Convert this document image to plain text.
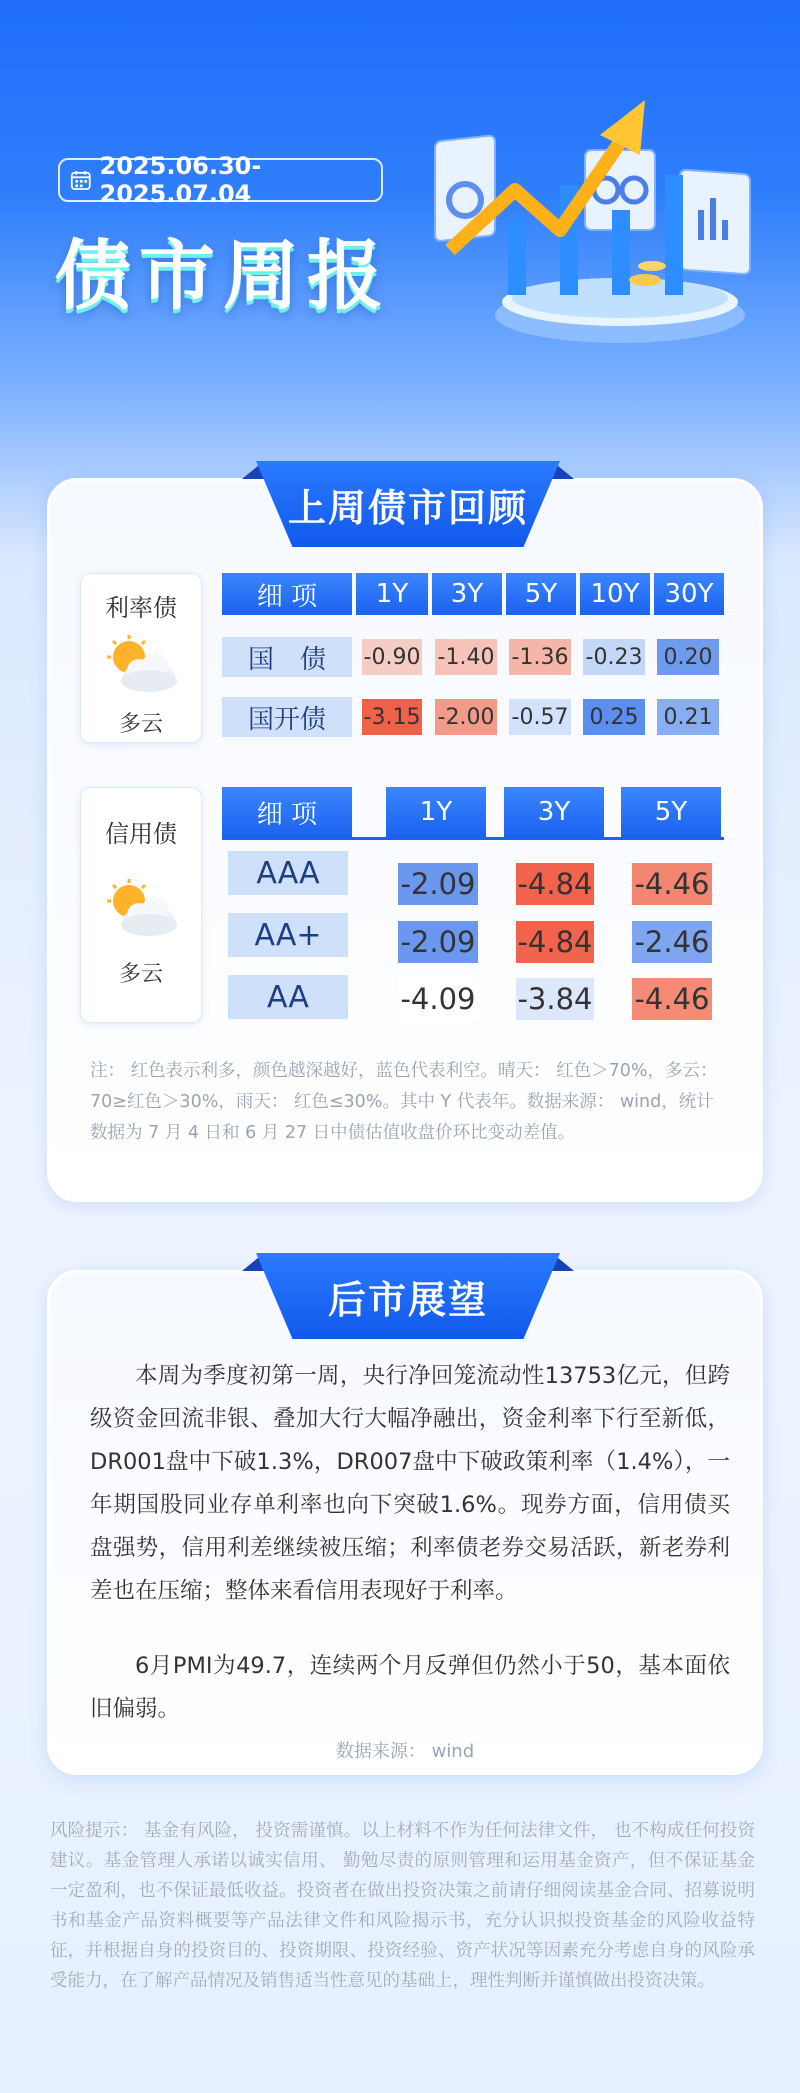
2025.06.30-2025.07.04
债市周报
上周债市回顾
利率债
多云
细 项	1Y	3Y	5Y	10Y 30Y
国　债	-0.90 -1.40 -1.36 -0.23 0.20
国开债	-3.15 -2.00 -0.57 0.25 0.21
信用债
多云
细 项	1Y	3Y	5Y
AAA	-2.09 -4.84 -4.46
AA+	-2.09 -4.84 -2.46
AA	-4.09 -3.84 -4.46
注： 红色表示利多，颜色越深越好，蓝色代表利空。晴天： 红色＞70%，多云： 70≥红色＞30%，雨天： 红色≤30%。其中 Y 代表年。数据来源： wind，统计数据为 7 月 4 日和 6 月 27 日中债估值收盘价环比变动差值。
后市展望
本周为季度初第一周，央行净回笼流动性13753亿元，但跨级资金回流非银、叠加大行大幅净融出，资金利率下行至新低，DR001盘中下破1.3%，DR007盘中下破政策利率（1.4%），一年期国股同业存单利率也向下突破1.6%。现券方面，信用债买盘强势，信用利差继续被压缩；利率债老券交易活跃，新老券利差也在压缩；整体来看信用表现好于利率。
6月PMI为49.7，连续两个月反弹但仍然小于50，基本面依旧偏弱。
数据来源： wind
风险提示： 基金有风险， 投资需谨慎。以上材料不作为任何法律文件， 也不构成任何投资建议。基金管理人承诺以诚实信用、 勤勉尽责的原则管理和运用基金资产，但不保证基金一定盈利，也不保证最低收益。投资者在做出投资决策之前请仔细阅读基金合同、招募说明书和基金产品资料概要等产品法律文件和风险揭示书，充分认识拟投资基金的风险收益特征，并根据自身的投资目的、投资期限、投资经验、资产状况等因素充分考虑自身的风险承受能力，在了解产品情况及销售适当性意见的基础上，理性判断并谨慎做出投资决策。
